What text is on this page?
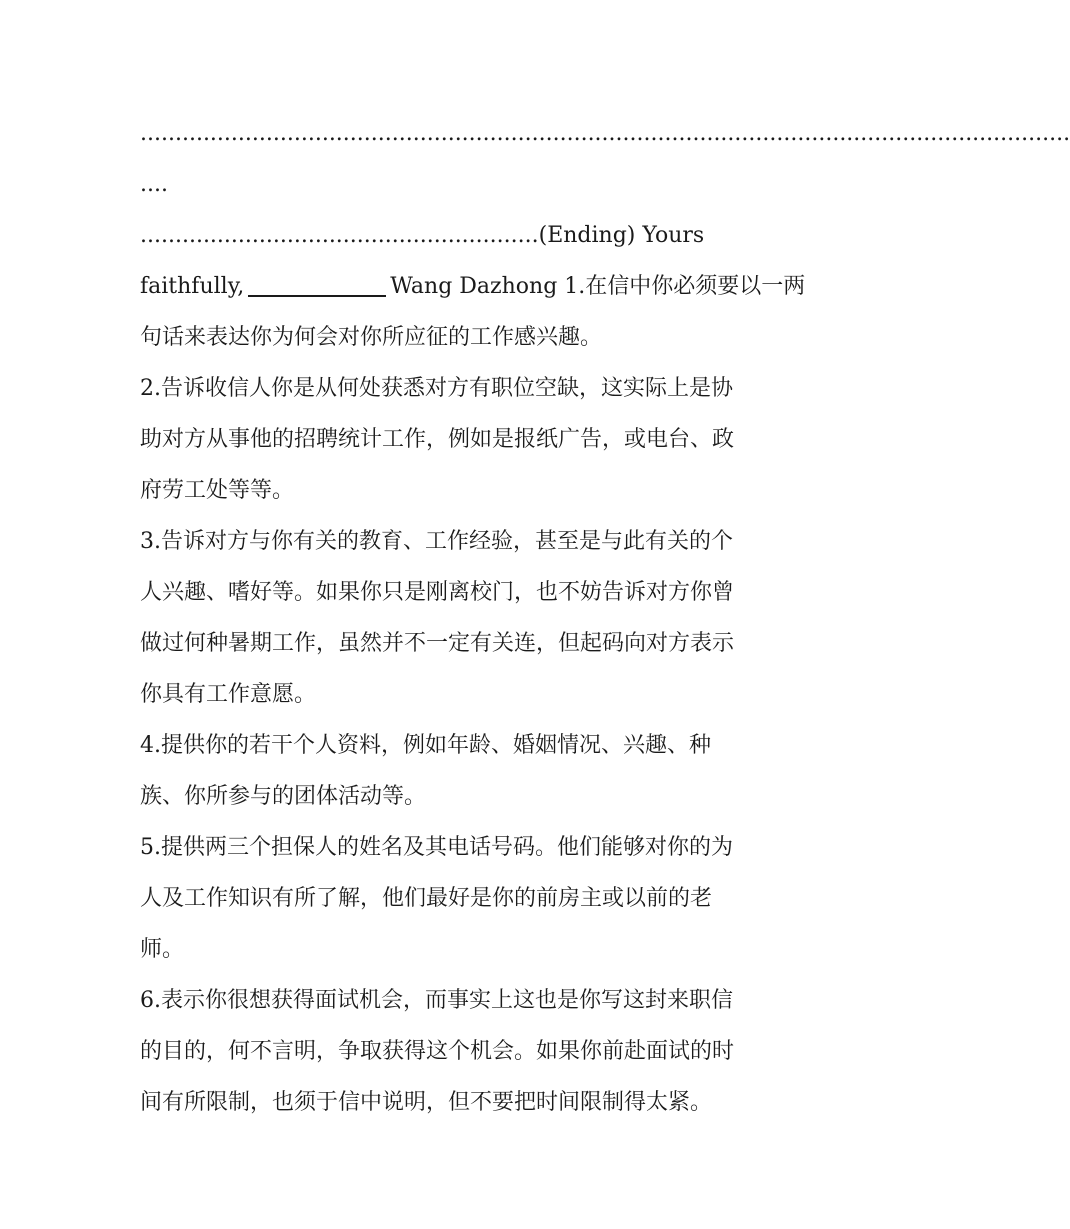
.....................................................................................................................................
....
.........................................................(Ending) Yours
faithfully,	Wang Dazhong 1.在信中你必须要以一两
句话来表达你为何会对你所应征的工作感兴趣。
2.告诉收信人你是从何处获悉对方有职位空缺，这实际上是协
助对方从事他的招聘统计工作，例如是报纸广告，或电台、政
府劳工处等等。
3.告诉对方与你有关的教育、工作经验，甚至是与此有关的个
人兴趣、嗜好等。如果你只是刚离校门，也不妨告诉对方你曾
做过何种暑期工作，虽然并不一定有关连，但起码向对方表示
你具有工作意愿。
4.提供你的若干个人资料，例如年龄、婚姻情况、兴趣、种
族、你所参与的团体活动等。
5.提供两三个担保人的姓名及其电话号码。他们能够对你的为
人及工作知识有所了解，他们最好是你的前房主或以前的老
师。
6.表示你很想获得面试机会，而事实上这也是你写这封来职信
的目的，何不言明，争取获得这个机会。如果你前赴面试的时
间有所限制，也须于信中说明，但不要把时间限制得太紧。
